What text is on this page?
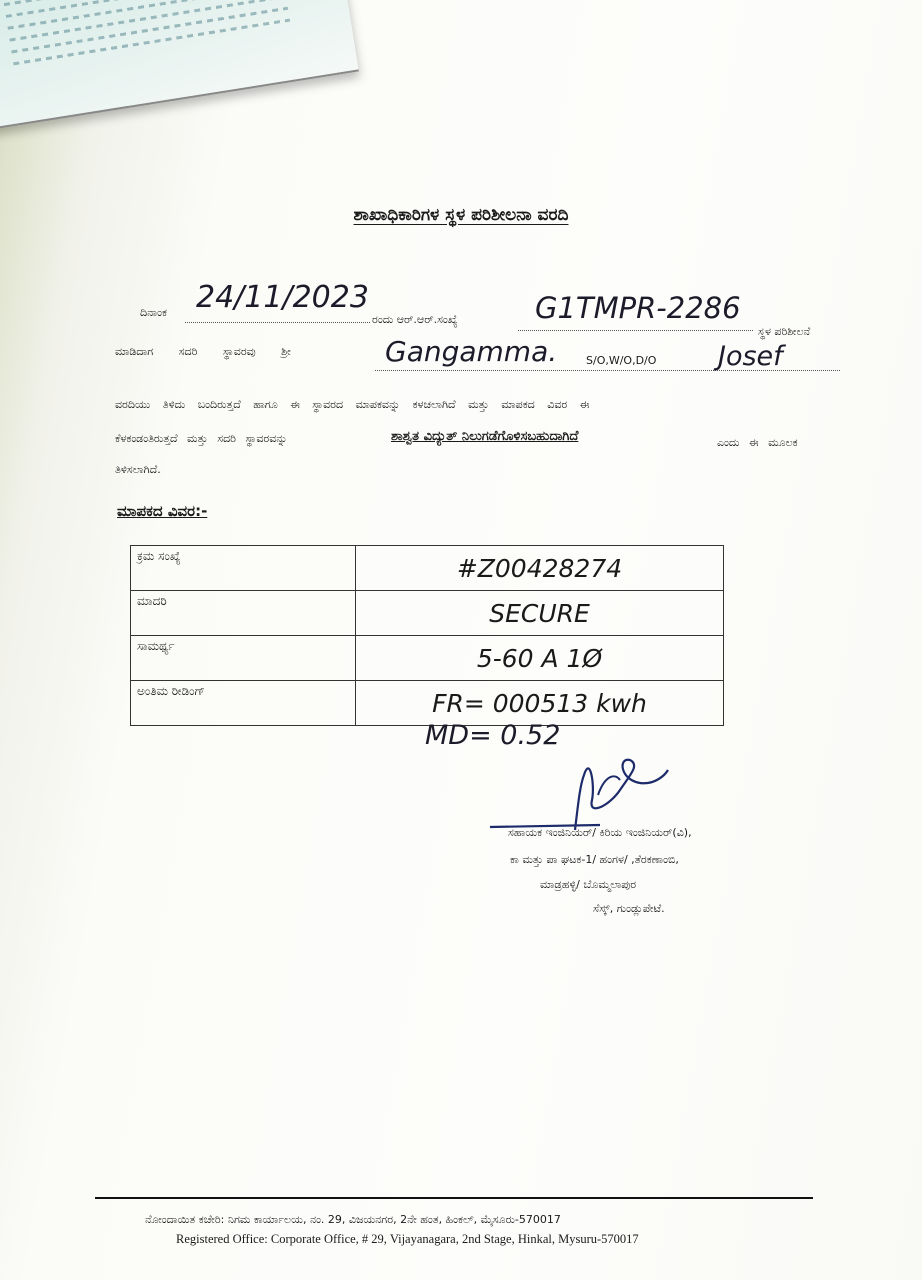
ಶಾಖಾಧಿಕಾರಿಗಳ ಸ್ಥಳ ಪರಿಶೀಲನಾ ವರದಿ
ದಿನಾಂಕ 24/11/2023
ರಂದು ಆರ್.ಆರ್.ಸಂಖ್ಯೆ	G1TMPR-2286
ಸ್ಥಳ ಪರಿಶೀಲನೆ
ಮಾಡಿದಾಗ ಸದರಿ ಸ್ಥಾವರವು ಶ್ರೀ	Gangamma.	S/O,W/O,D/O Josef
ವರದಿಯು ತಿಳಿದು ಬಂದಿರುತ್ತದೆ ಹಾಗೂ ಈ ಸ್ಥಾವರದ ಮಾಪಕವನ್ನು ಕಳಚಲಾಗಿದೆ ಮತ್ತು ಮಾಪಕದ ವಿವರ ಈ
ಕೆಳಕಂಡಂತಿರುತ್ತದೆ ಮತ್ತು ಸದರಿ ಸ್ಥಾವರವನ್ನು	ಶಾಶ್ವತ ವಿದ್ಯುತ್ ನಿಲುಗಡೆಗೊಳಿಸಬಹುದಾಗಿದೆ	ಎಂದು ಈ ಮೂಲಕ
ತಿಳಿಸಲಾಗಿದೆ.
ಮಾಪಕದ ವಿವರ:-
ಕ್ರಮ ಸಂಖ್ಯೆ	#Z00428274
ಮಾದರಿ	SECURE
ಸಾಮರ್ಥ್ಯ	5-60 A 1Ø
ಅಂತಿಮ ರೀಡಿಂಗ್	FR= 000513 kwh
MD= 0.52
ಸಹಾಯಕ ಇಂಜಿನಿಯರ್/ ಕಿರಿಯ ಇಂಜಿನಿಯರ್(ವಿ),
ಕಾ ಮತ್ತು ಪಾ ಘಟಕ-1/ ಹಂಗಳ/ ,ತೆರಕಣಾಂಬಿ,
ಮಾಡ್ರಹಳ್ಳಿ/ ಬೊಮ್ಮಲಾಪುರ
ಸೆಸ್ಕ್, ಗುಂಡ್ಲುಪೇಟೆ.
ನೋಂದಾಯಿತ ಕಚೇರಿ: ನಿಗಮ ಕಾರ್ಯಾಲಯ, ನಂ. 29, ವಿಜಯನಗರ, 2ನೇ ಹಂತ, ಹಿಂಕಲ್, ಮೈಸೂರು-570017
Registered Office: Corporate Office, # 29, Vijayanagara, 2nd Stage, Hinkal, Mysuru-570017
